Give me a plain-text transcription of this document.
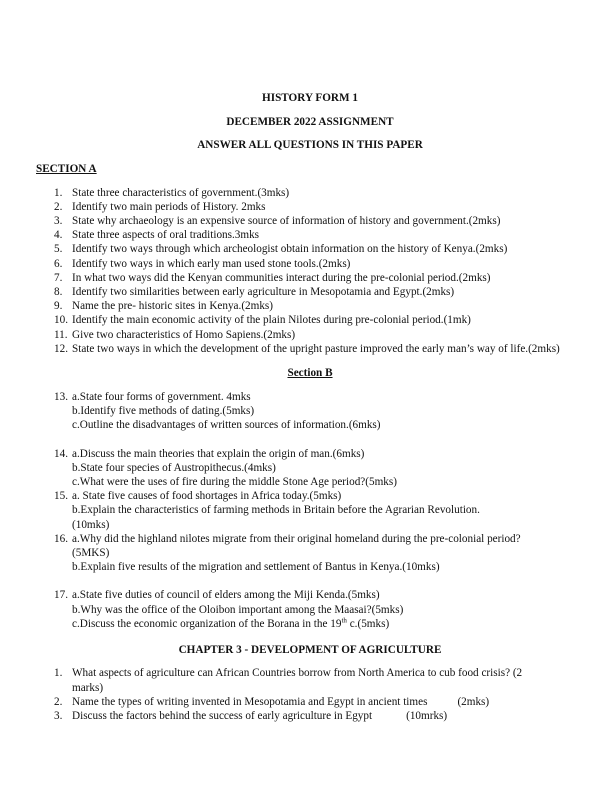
HISTORY FORM 1
DECEMBER 2022 ASSIGNMENT
ANSWER ALL QUESTIONS IN THIS PAPER
SECTION A
1. State three characteristics of government.(3mks)
2. Identify two main periods of History. 2mks
3. State why archaeology is an expensive source of information of history and government.(2mks)
4. State three aspects of oral traditions.3mks
5. Identify two ways through which archeologist obtain information on the history of Kenya.(2mks)
6. Identify two ways in which early man used stone tools.(2mks)
7. In what two ways did the Kenyan communities interact during the pre-colonial period.(2mks)
8. Identify two similarities between early agriculture in Mesopotamia and Egypt.(2mks)
9. Name the pre- historic sites in Kenya.(2mks)
10. Identify the main economic activity of the plain Nilotes during pre-colonial period.(1mk)
11. Give two characteristics of Homo Sapiens.(2mks)
12. State two ways in which the development of the upright pasture improved the early man’s way of life.(2mks)
Section B
13. a.State four forms of government. 4mks
b.Identify five methods of dating.(5mks)
c.Outline the disadvantages of written sources of information.(6mks)
14. a.Discuss the main theories that explain the origin of man.(6mks)
b.State four species of Austropithecus.(4mks)
c.What were the uses of fire during the middle Stone Age period?(5mks)
15. a. State five causes of food shortages in Africa today.(5mks)
b.Explain the characteristics of farming methods in Britain before the Agrarian Revolution.(10mks)
16. a.Why did the highland nilotes migrate from their original homeland during the pre-colonial period?    (5MKS)
b.Explain five results of the migration and settlement of Bantus in Kenya.(10mks)
17. a.State five duties of council of elders among the Miji Kenda.(5mks)
b.Why was the office of the Oloibon important among the Maasai?(5mks)
c.Discuss the economic organization of the Borana in the 19th c.(5mks)
CHAPTER 3 - DEVELOPMENT OF AGRICULTURE
1. What aspects of agriculture can African Countries borrow from North America to cub food crisis? (2 marks)
2. Name the types of writing invented in Mesopotamia and Egypt in ancient times	(2mks)
3. Discuss the factors behind the success of early agriculture in Egypt	(10mrks)
